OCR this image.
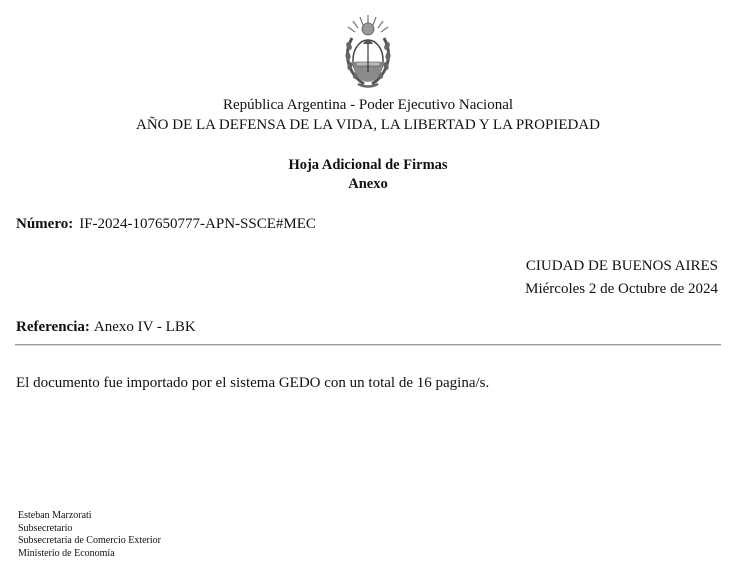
República Argentina - Poder Ejecutivo Nacional
AÑO DE LA DEFENSA DE LA VIDA, LA LIBERTAD Y LA PROPIEDAD
Hoja Adicional de Firmas
Anexo
Número: IF-2024-107650777-APN-SSCE#MEC
CIUDAD DE BUENOS AIRES
Miércoles 2 de Octubre de 2024
Referencia: Anexo IV - LBK
El documento fue importado por el sistema GEDO con un total de 16 pagina/s.
Esteban Marzorati
Subsecretario
Subsecretaría de Comercio Exterior
Ministerio de Economía
